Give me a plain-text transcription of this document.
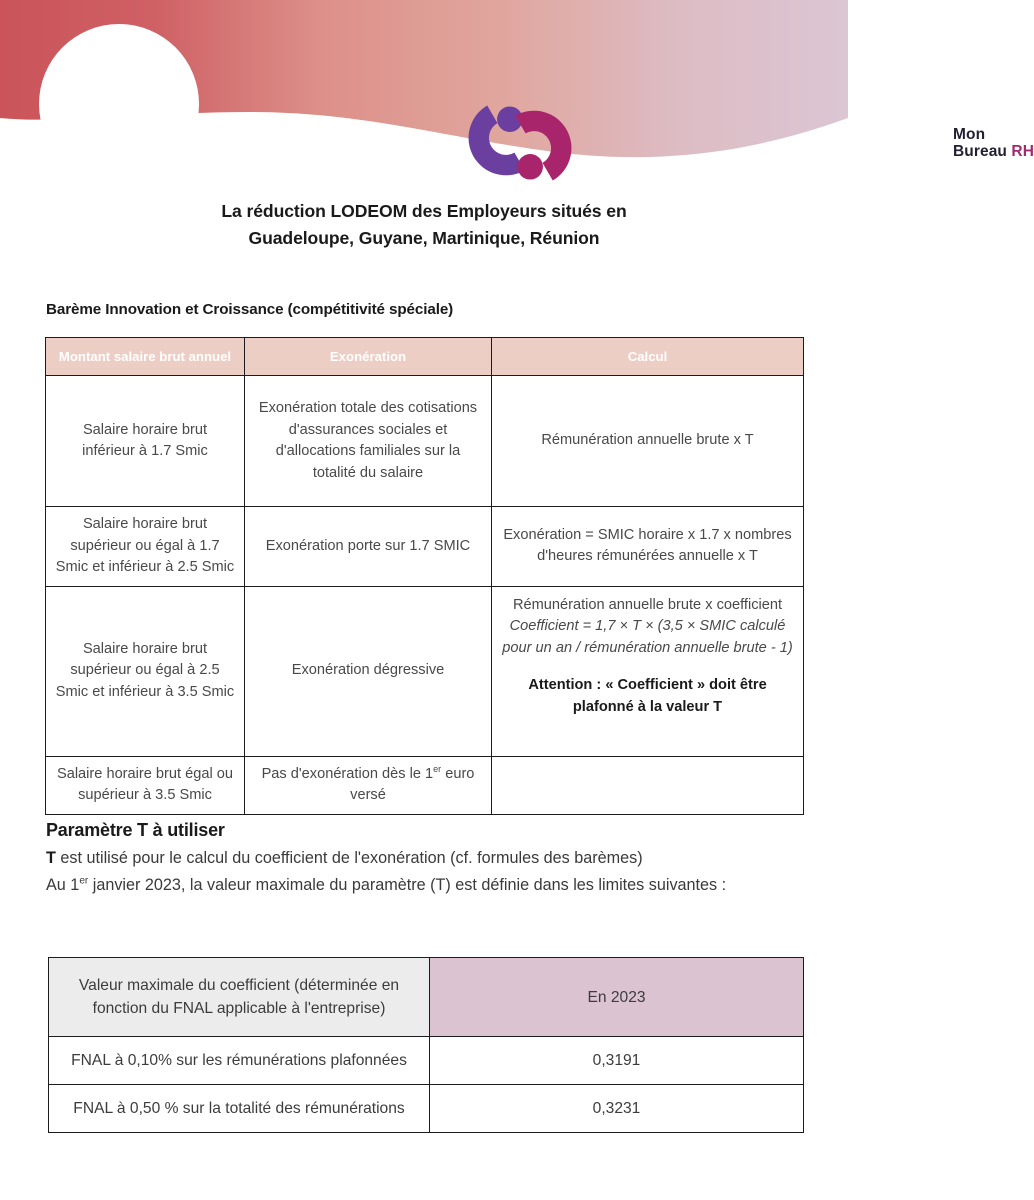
Mon
Bureau RH
La réduction LODEOM des Employeurs situés en
Guadeloupe, Guyane, Martinique, Réunion
Barème Innovation et Croissance (compétitivité spéciale)
Montant salaire brut annuel	Exonération	Calcul
Salaire horaire brut inférieur à 1.7 Smic	Exonération totale des cotisations d'assurances sociales et d'allocations familiales sur la totalité du salaire	Rémunération annuelle brute x T
Salaire horaire brut supérieur ou égal à 1.7 Smic et inférieur à 2.5 Smic	Exonération porte sur 1.7 SMIC	Exonération = SMIC horaire x 1.7 x nombres d'heures rémunérées annuelle x T
Salaire horaire brut supérieur ou égal à 2.5 Smic et inférieur à 3.5 Smic	Exonération dégressive	Rémunération annuelle brute x coefficient
Coefficient = 1,7 × T × (3,5 × SMIC calculé pour un an / rémunération annuelle brute - 1)
Attention : « Coefficient » doit être plafonné à la valeur T

Salaire horaire brut égal ou supérieur à 3.5 Smic	Pas d'exonération dès le 1er euro versé	
Paramètre T à utiliser
T est utilisé pour le calcul du coefficient de l'exonération (cf. formules des barèmes)
Au 1er janvier 2023, la valeur maximale du paramètre (T) est définie dans les limites suivantes :
Valeur maximale du coefficient (déterminée en fonction du FNAL applicable à l'entreprise)	En 2023
FNAL à 0,10% sur les rémunérations plafonnées	0,3191
FNAL à 0,50 % sur la totalité des rémunérations	0,3231
